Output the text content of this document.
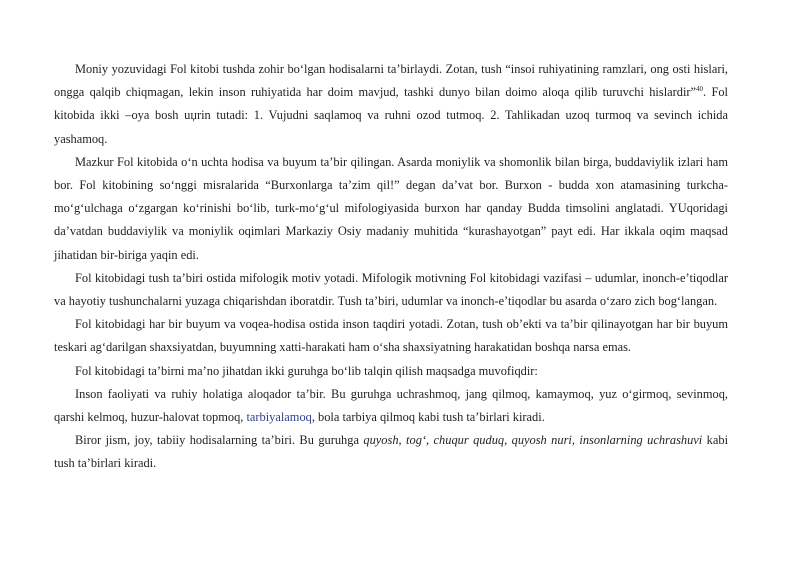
Moniy yozuvidagi Fol kitobi tushda zohir bo‘lgan hodisalarni ta’birlaydi. Zotan, tush “insoi ruhiyatining ramzlari, ong osti hislari, ongga qalqib chiqmagan, lekin inson ruhiyatida har doim mavjud, tashki dunyo bilan doimo aloqa qilib turuvchi hislardir”$^{40}$. Fol kitobida ikki –oya bosh uџrin tutadi: 1. Vujudni saqlamoq va ruhni ozod tutmoq. 2. Tahlikadan uzoq turmoq va sevinch ichida yashamoq.

Mazkur Fol kitobida o‘n uchta hodisa va buyum ta’bir qilingan. Asarda moniylik va shomonlik bilan birga, buddaviylik izlari ham bor. Fol kitobining so‘nggi misralarida “Burxonlarga ta’zim qil!” degan da’vat bor. Burxon - budda xon atamasining turkcha-mo‘g‘ulchaga o‘zgargan ko‘rinishi bo‘lib, turk-mo‘g‘ul mifologiyasida burxon har qanday Budda timsolini anglatadi. YUqoridagi da’vatdan buddaviylik va moniylik oqimlari Markaziy Osiy madaniy muhitida “kurashayotgan” payt edi. Har ikkala oqim maqsad jihatidan bir-biriga yaqin edi.

Fol kitobidagi tush ta’biri ostida mifologik motiv yotadi. Mifologik motivning Fol kitobidagi vazifasi – udumlar, inonch-e’tiqodlar va hayotiy tushunchalarni yuzaga chiqarishdan iboratdir. Tush ta’biri, udumlar va inonch-e’tiqodlar bu asarda o‘zaro zich bog‘langan.

Fol kitobidagi har bir buyum va voqea-hodisa ostida inson taqdiri yotadi. Zotan, tush ob’ekti va ta’bir qilinayotgan har bir buyum teskari ag‘darilgan shaxsiyatdan, buyumning xatti-harakati ham o‘sha shaxsiyatning harakatidan boshqa narsa emas.

Fol kitobidagi ta’birni ma’no jihatdan ikki guruhga bo‘lib talqin qilish maqsadga muvofiqdir:

Inson faoliyati va ruhiy holatiga aloqador ta’bir. Bu guruhga uchrashmoq, jang qilmoq, kamaymoq, yuz o‘girmoq, sevinmoq, qarshi kelmoq, huzur-halovat topmoq, tarbiyalamoq, bola tarbiya qilmoq kabi tush ta’birlari kiradi.

Biror jism, joy, tabiiy hodisalarning ta’biri. Bu guruhga quyosh, tog‘, chuqur quduq, quyosh nuri, insonlarning uchrashuvi kabi tush ta’birlari kiradi.
